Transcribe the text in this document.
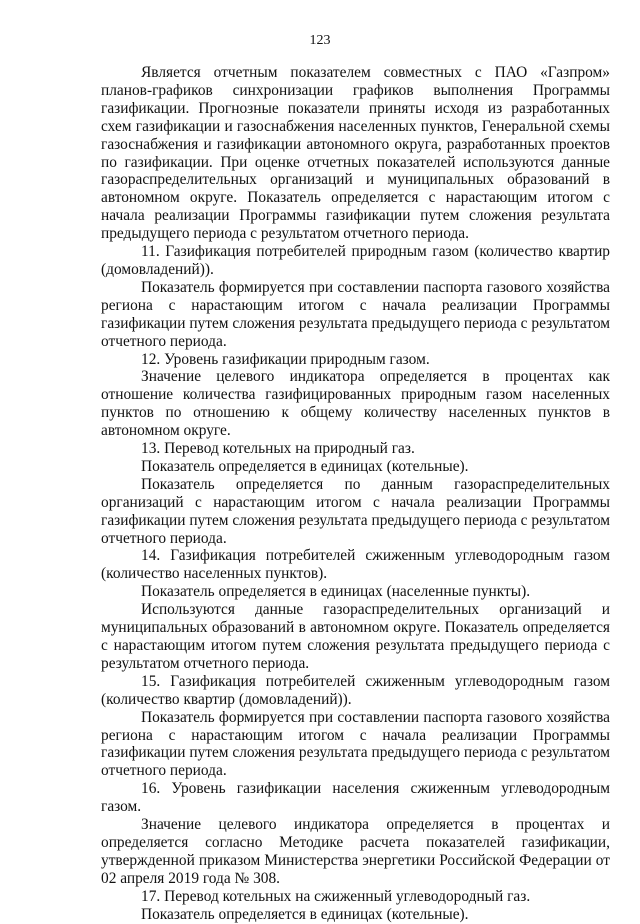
123

Является отчетным показателем совместных с ПАО «Газпром» планов-графиков синхронизации графиков выполнения Программы газификации. Прогнозные показатели приняты исходя из разработанных схем газификации и газоснабжения населенных пунктов, Генеральной схемы газоснабжения и газификации автономного округа, разработанных проектов по газификации. При оценке отчетных показателей используются данные газораспределительных организаций и муниципальных образований в автономном округе. Показатель определяется с нарастающим итогом с начала реализации Программы газификации путем сложения результата предыдущего периода с результатом отчетного периода.

11. Газификация потребителей природным газом (количество квартир (домовладений)).

Показатель формируется при составлении паспорта газового хозяйства региона с нарастающим итогом с начала реализации Программы газификации путем сложения результата предыдущего периода с результатом отчетного периода.

12. Уровень газификации природным газом.

Значение целевого индикатора определяется в процентах как отношение количества газифицированных природным газом населенных пунктов по отношению к общему количеству населенных пунктов в автономном округе.

13. Перевод котельных на природный газ.

Показатель определяется в единицах (котельные).

Показатель определяется по данным газораспределительных организаций с нарастающим итогом с начала реализации Программы газификации путем сложения результата предыдущего периода с результатом отчетного периода.

14. Газификация потребителей сжиженным углеводородным газом (количество населенных пунктов).

Показатель определяется в единицах (населенные пункты).

Используются данные газораспределительных организаций и муниципальных образований в автономном округе. Показатель определяется с нарастающим итогом путем сложения результата предыдущего периода с результатом отчетного периода.

15. Газификация потребителей сжиженным углеводородным газом (количество квартир (домовладений)).

Показатель формируется при составлении паспорта газового хозяйства региона с нарастающим итогом с начала реализации Программы газификации путем сложения результата предыдущего периода с результатом отчетного периода.

16. Уровень газификации населения сжиженным углеводородным газом.

Значение целевого индикатора определяется в процентах и определяется согласно Методике расчета показателей газификации, утвержденной приказом Министерства энергетики Российской Федерации от 02 апреля 2019 года № 308.

17. Перевод котельных на сжиженный углеводородный газ.

Показатель определяется в единицах (котельные).
